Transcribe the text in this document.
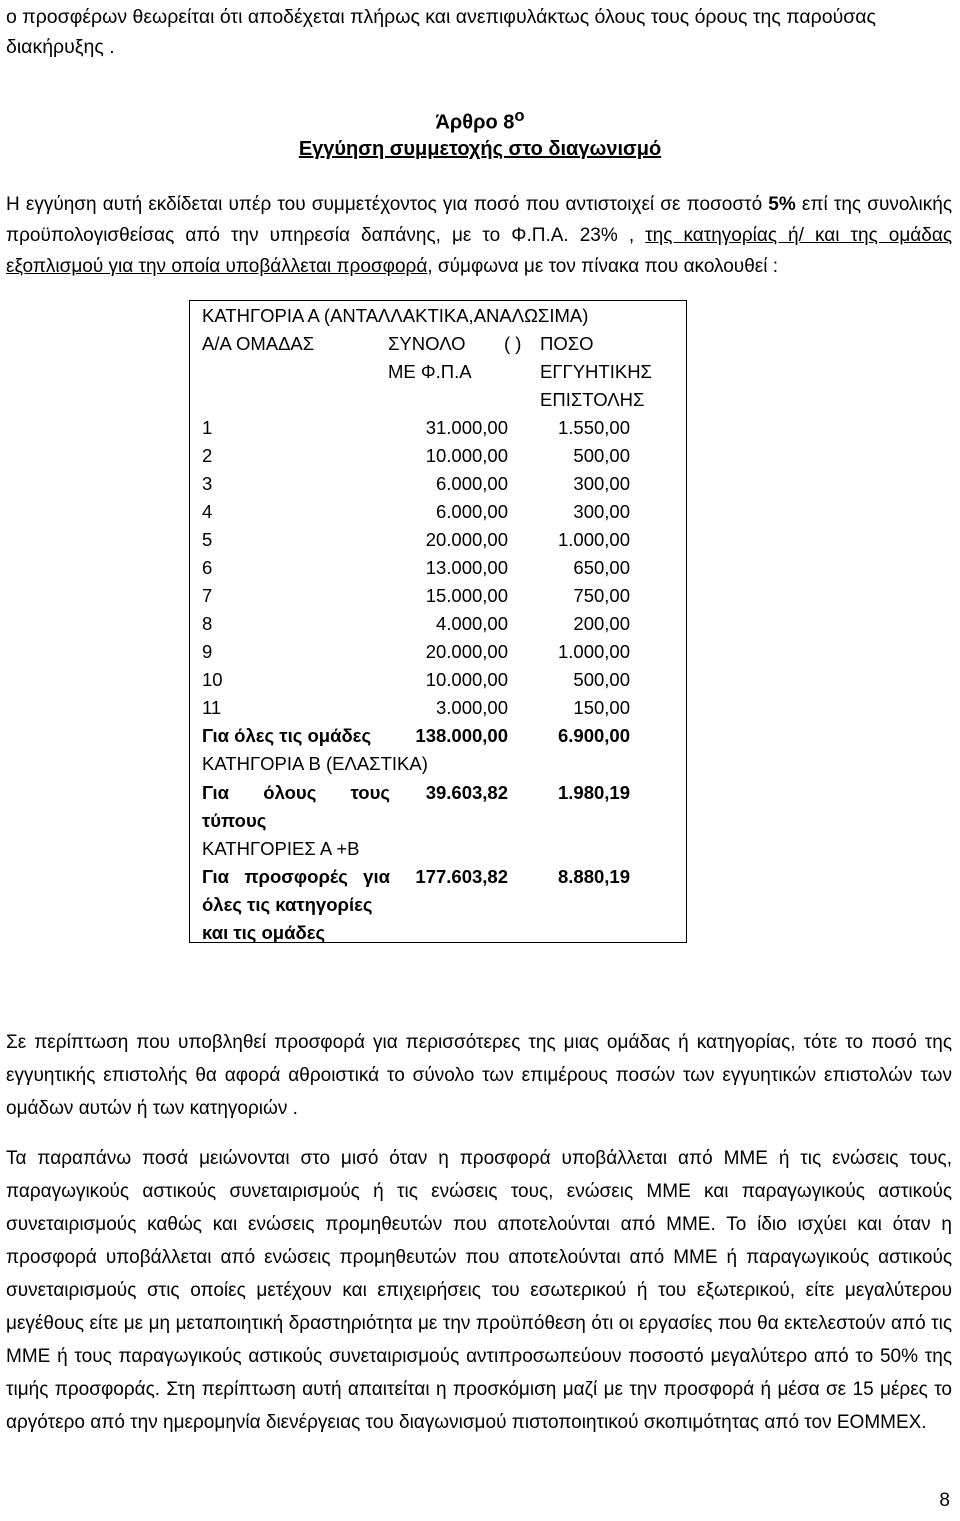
ο προσφέρων θεωρείται ότι αποδέχεται πλήρως και ανεπιφυλάκτως όλους τους όρους της παρούσας διακήρυξης .

Άρθρο $8^o$
Εγγύηση συμμετοχής στο διαγωνισμό

Η εγγύηση αυτή εκδίδεται υπέρ του συμμετέχοντος για ποσό που αντιστοιχεί σε ποσοστό 5% επί της συνολικής προϋπολογισθείσας από την υπηρεσία δαπάνης, με το Φ.Π.Α. 23% , της κατηγορίας ή/ και της ομάδας εξοπλισμού για την οποία υποβάλλεται προσφορά, σύμφωνα με τον πίνακα που ακολουθεί :

ΚΑΤΗΓΟΡΙΑ Α (ΑΝΤΑΛΛΑΚΤΙΚΑ,ΑΝΑΛΩΣΙΜΑ)
Α/Α ΟΜΑΔΑΣ	ΣΥΝΟΛΟ ( )
ΜΕ Φ.Π.Α
ΠΟΣΟ
ΕΓΓΥΗΤΙΚΗΣ
ΕΠΙΣΤΟΛΗΣ
1	31.000,00	1.550,00
2	10.000,00	500,00
3	6.000,00	300,00
4	6.000,00	300,00
5	20.000,00	1.000,00
6	13.000,00	650,00
7	15.000,00	750,00
8	4.000,00	200,00
9	20.000,00	1.000,00
10	10.000,00	500,00
11	3.000,00	150,00
Για όλες τις ομάδες	138.000,00	6.900,00
ΚΑΤΗΓΟΡΙΑ Β (ΕΛΑΣΤΙΚΑ)
Για όλους τους
τύπους
39.603,82	1.980,19
ΚΑΤΗΓΟΡΙΕΣ Α +Β
Για προσφορές για
όλες τις κατηγορίες
και τις ομάδες
177.603,82	8.880,19

Σε περίπτωση που υποβληθεί προσφορά για περισσότερες της μιας ομάδας ή κατηγορίας, τότε το ποσό της εγγυητικής επιστολής θα αφορά αθροιστικά το σύνολο των επιμέρους ποσών των εγγυητικών επιστολών των ομάδων αυτών ή των κατηγοριών .

Τα παραπάνω ποσά μειώνονται στο μισό όταν η προσφορά υποβάλλεται από ΜΜΕ ή τις ενώσεις τους, παραγωγικούς αστικούς συνεταιρισμούς ή τις ενώσεις τους, ενώσεις ΜΜΕ και παραγωγικούς αστικούς συνεταιρισμούς καθώς και ενώσεις προμηθευτών που αποτελούνται από ΜΜΕ. Το ίδιο ισχύει και όταν η προσφορά υποβάλλεται από ενώσεις προμηθευτών που αποτελούνται από ΜΜΕ ή παραγωγικούς αστικούς συνεταιρισμούς στις οποίες μετέχουν και επιχειρήσεις του εσωτερικού ή του εξωτερικού, είτε μεγαλύτερου μεγέθους είτε με μη μεταποιητική δραστηριότητα με την προϋπόθεση ότι οι εργασίες που θα εκτελεστούν από τις ΜΜΕ ή τους παραγωγικούς αστικούς συνεταιρισμούς αντιπροσωπεύουν ποσοστό μεγαλύτερο από το 50% της τιμής προσφοράς. Στη περίπτωση αυτή απαιτείται η προσκόμιση μαζί με την προσφορά ή μέσα σε 15 μέρες το αργότερο από την ημερομηνία διενέργειας του διαγωνισμού πιστοποιητικού σκοπιμότητας από τον ΕΟΜΜΕΧ.

8
